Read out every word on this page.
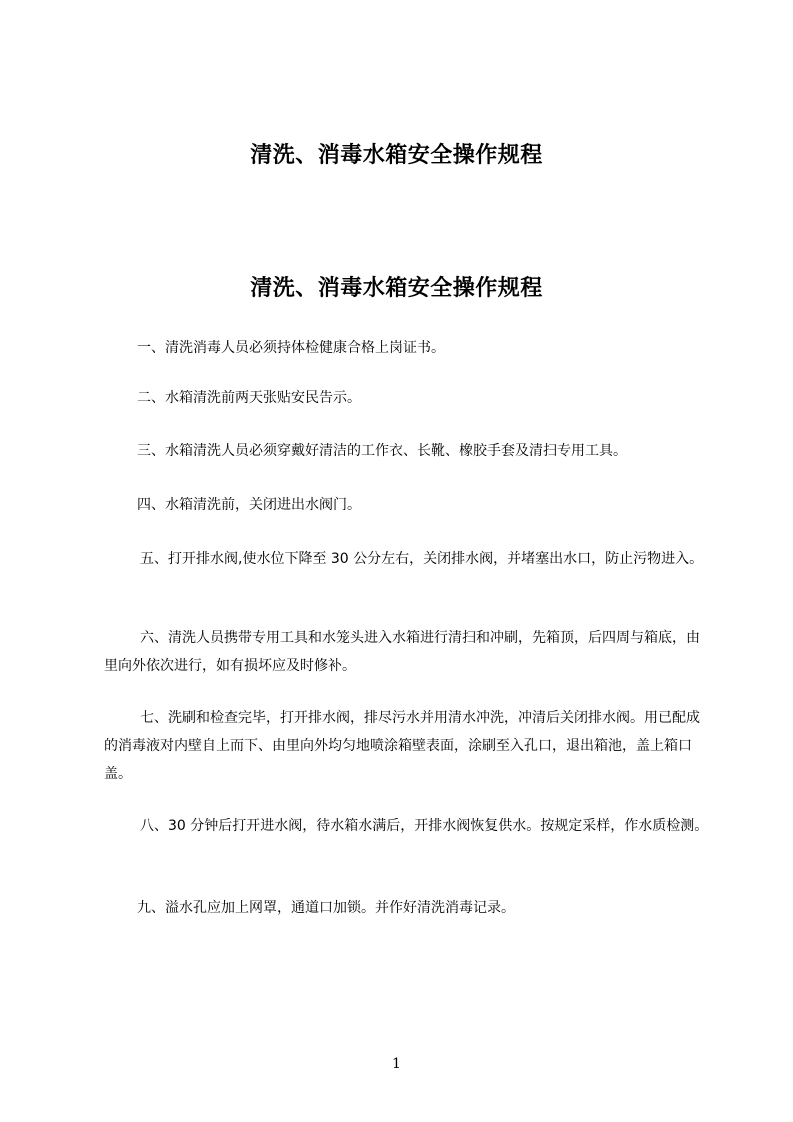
清洗、消毒水箱安全操作规程
清洗、消毒水箱安全操作规程

一、清洗消毒人员必须持体检健康合格上岗证书。

二、水箱清洗前两天张贴安民告示。

三、水箱清洗人员必须穿戴好清洁的工作衣、长靴、橡胶手套及清扫专用工具。

四、水箱清洗前，关闭进出水阀门。

五、打开排水阀,使水位下降至 30 公分左右，关闭排水阀，并堵塞出水口，防止污物进入。

六、清洗人员携带专用工具和水笼头进入水箱进行清扫和冲刷，先箱顶，后四周与箱底，由里向外依次进行，如有损坏应及时修补。

七、洗刷和检查完毕，打开排水阀，排尽污水并用清水冲洗，冲清后关闭排水阀。用已配成的消毒液对内壁自上而下、由里向外均匀地喷涂箱壁表面，涂刷至入孔口，退出箱池，盖上箱口盖。

八、30 分钟后打开进水阀，待水箱水满后，开排水阀恢复供水。按规定采样，作水质检测。

九、溢水孔应加上网罩，通道口加锁。并作好清洗消毒记录。

1
